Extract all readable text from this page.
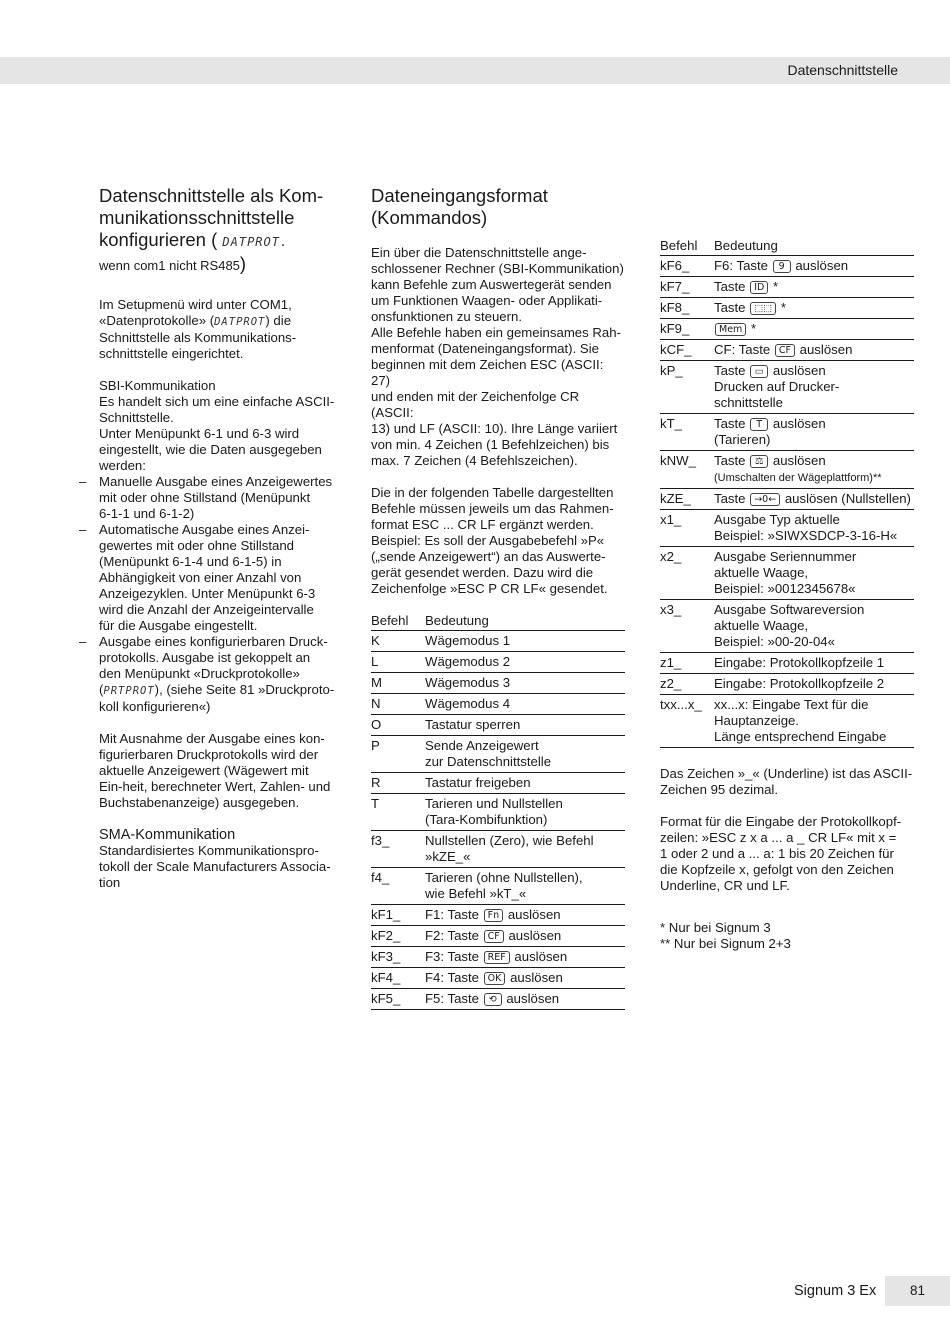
Datenschnittstelle
Datenschnittstelle als Kom-
munikationsschnittstelle
konfigurieren ( DATPROT.
wenn com1 nicht RS485)

Im Setupmenü wird unter COM1,
«Datenprotokolle» (DATPROT) die
Schnittstelle als Kommunikations-
schnittstelle eingerichtet.

SBI-Kommunikation
Es handelt sich um eine einfache ASCII-
Schnittstelle.
Unter Menüpunkt 6-1 und 6-3 wird
eingestellt, wie die Daten ausgegeben
werden:

– Manuelle Ausgabe eines Anzeigewertes
mit oder ohne Stillstand (Menüpunkt
6-1-1 und 6-1-2)
– Automatische Ausgabe eines Anzei-
gewertes mit oder ohne Stillstand
(Menüpunkt 6-1-4 und 6-1-5) in
Abhängigkeit von einer Anzahl von
Anzeigezyklen. Unter Menüpunkt 6-3
wird die Anzahl der Anzeigeintervalle
für die Ausgabe eingestellt.
– Ausgabe eines konfigurierbaren Druck-
protokolls. Ausgabe ist gekoppelt an
den Menüpunkt «Druckprotokolle»
(PRTPROT), (siehe Seite 81 »Druckproto-
koll konfigurieren«)

Mit Ausnahme der Ausgabe eines kon-
figurierbaren Druckprotokolls wird der
aktuelle Anzeigewert (Wägewert mit
Ein-heit, berechneter Wert, Zahlen- und
Buchstabenanzeige) ausgegeben.

SMA-Kommunikation
Standardisiertes Kommunikationspro-
tokoll der Scale Manufacturers Associa-
tion

Dateneingangsformat
(Kommandos)

Ein über die Datenschnittstelle ange-
schlossener Rechner (SBI-Kommunikation)
kann Befehle zum Auswertegerät senden
um Funktionen Waagen- oder Applikati-
onsfunktionen zu steuern.
Alle Befehle haben ein gemeinsames Rah-
menformat (Dateneingangsformat). Sie
beginnen mit dem Zeichen ESC (ASCII: 27)
und enden mit der Zeichenfolge CR (ASCII:
13) und LF (ASCII: 10). Ihre Länge variiert
von min. 4 Zeichen (1 Befehlzeichen) bis
max. 7 Zeichen (4 Befehlszeichen).

Die in der folgenden Tabelle dargestellten
Befehle müssen jeweils um das Rahmen-
format ESC ... CR LF ergänzt werden.
Beispiel: Es soll der Ausgabebefehl »P«
(„sende Anzeigewert“) an das Auswerte-
gerät gesendet werden. Dazu wird die
Zeichenfolge »ESC P CR LF« gesendet.

Befehl	Bedeutung
K	Wägemodus 1
L	Wägemodus 2
M	Wägemodus 3
N	Wägemodus 4
O	Tastatur sperren
P	Sende Anzeigewert
zur Datenschnittstelle
R	Tastatur freigeben
T	Tarieren und Nullstellen
(Tara-Kombifunktion)
f3_	Nullstellen (Zero), wie Befehl
»kZE_«
f4_	Tarieren (ohne Nullstellen),
wie Befehl »kT_«
kF1_	F1: Taste Fn auslösen
kF2_	F2: Taste CF auslösen
kF3_	F3: Taste REF auslösen
kF4_	F4: Taste OK auslösen
kF5_	F5: Taste ⟲ auslösen
Befehl	Bedeutung
kF6_	F6: Taste 9 auslösen
kF7_	Taste ID *
kF8_	Taste ⬚⬚ *
kF9_	Mem *
kCF_	CF: Taste CF auslösen
kP_	Taste ▭ auslösen
Drucken auf Drucker-
schnittstelle
kT_	Taste T auslösen
(Tarieren)
kNW_	Taste ⚖ auslösen
(Umschalten der Wägeplattform)**
kZE_	Taste →0← auslösen (Nullstellen)
x1_	Ausgabe Typ aktuelle
Beispiel: »SIWXSDCP-3-16-H«
x2_	Ausgabe Seriennummer
aktuelle Waage,
Beispiel: »0012345678«
x3_	Ausgabe Softwareversion
aktuelle Waage,
Beispiel: »00-20-04«
z1_	Eingabe: Protokollkopfzeile 1
z2_	Eingabe: Protokollkopfzeile 2
txx...x_	xx...x: Eingabe Text für die
Hauptanzeige.
Länge entsprechend Eingabe

Das Zeichen »_« (Underline) ist das ASCII-
Zeichen 95 dezimal.

Format für die Eingabe der Protokollkopf-
zeilen: »ESC z x a ... a _ CR LF« mit x =
1 oder 2 und a ... a: 1 bis 20 Zeichen für
die Kopfzeile x, gefolgt von den Zeichen
Underline, CR und LF.

* Nur bei Signum 3
** Nur bei Signum 2+3

Signum 3 Ex	81
